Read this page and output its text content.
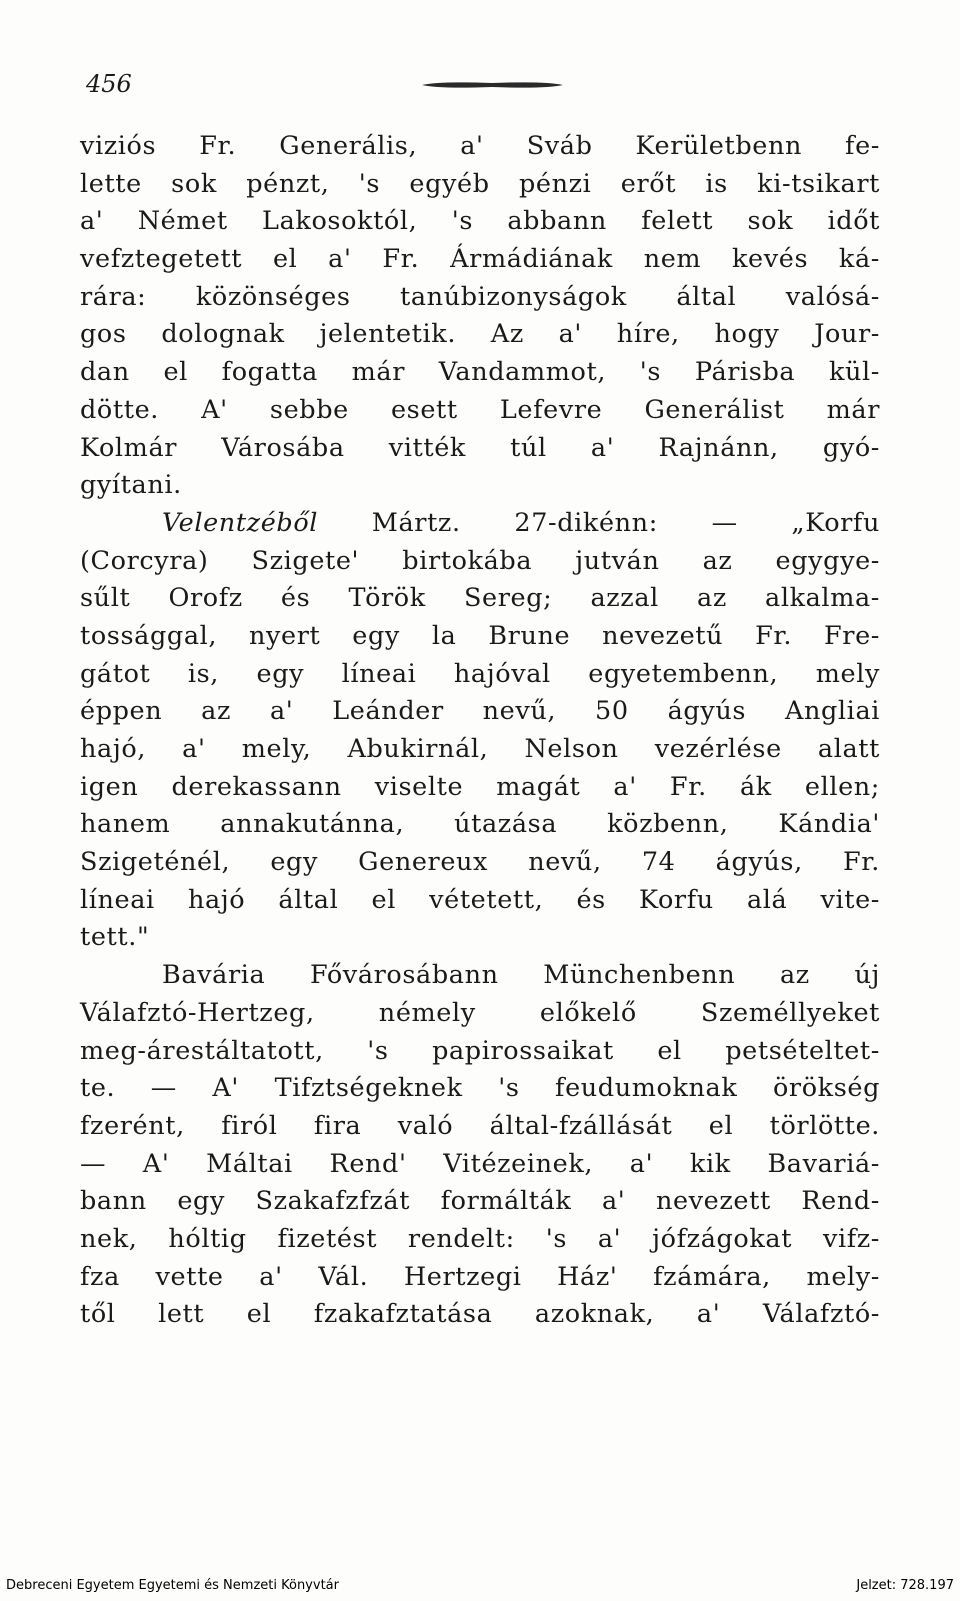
456
viziós Fr. Generális, a' Sváb Kerületbenn fe-
lette sok pénzt, 's egyéb pénzi erőt is ki-tsikart
a' Német Lakosoktól, 's abbann felett sok időt
vefztegetett el a' Fr. Ármádiának nem kevés ká-
rára: közönséges tanúbizonyságok által valósá-
gos dolognak jelentetik. Az a' híre, hogy Jour-
dan el fogatta már Vandammot, 's Párisba kül-
dötte. A' sebbe esett Lefevre Generálist már
Kolmár Városába vitték túl a' Rajnánn, gyó-
gyítani.
Velentzéből Mártz. 27-dikénn: — „Korfu
(Corcyra) Szigete' birtokába jutván az egygye-
sűlt Orofz és Török Sereg; azzal az alkalma-
tossággal, nyert egy la Brune nevezetű Fr. Fre-
gátot is, egy líneai hajóval egyetembenn, mely
éppen az a' Leánder nevű, 50 ágyús Angliai
hajó, a' mely, Abukirnál, Nelson vezérlése alatt
igen derekassann viselte magát a' Fr. ák ellen;
hanem annakutánna, útazása közbenn, Kándia'
Szigeténél, egy Genereux nevű, 74 ágyús, Fr.
líneai hajó által el vétetett, és Korfu alá vite-
tett."
Bavária Fővárosábann Münchenbenn az új
Válafztó-Hertzeg, némely előkelő Személlyeket
meg-árestáltatott, 's papirossaikat el petsételtet-
te. — A' Tifztségeknek 's feudumoknak örökség
fzerént, firól fira való által-fzállását el törlötte.
— A' Máltai Rend' Vitézeinek, a' kik Bavariá-
bann egy Szakafzfzát formálták a' nevezett Rend-
nek, hóltig fizetést rendelt: 's a' jófzágokat vifz-
fza vette a' Vál. Hertzegi Ház' fzámára, mely-
től lett el fzakafztatása azoknak, a' Válafztó-
Debreceni Egyetem Egyetemi és Nemzeti Könyvtár	Jelzet: 728.197
